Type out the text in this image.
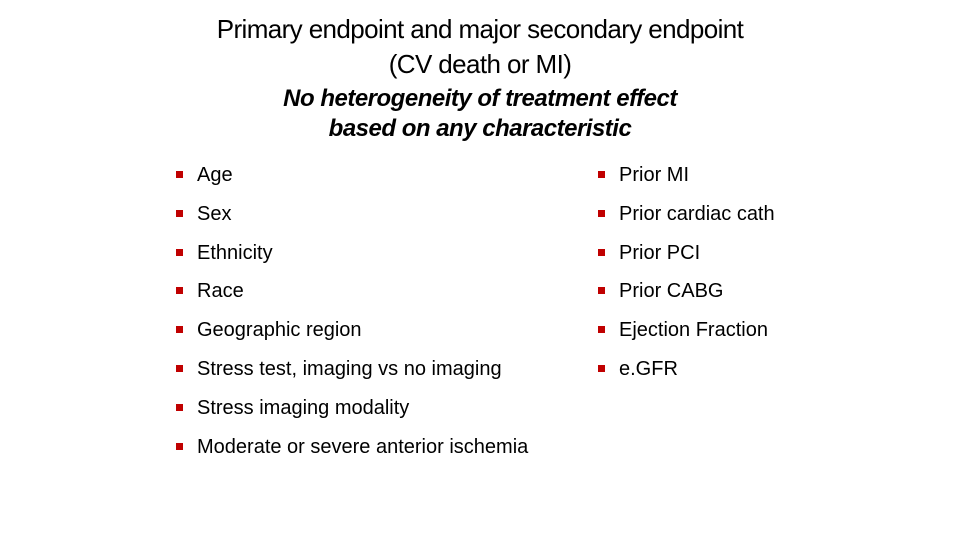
Primary endpoint and major secondary endpoint
(CV death or MI)
No heterogeneity of treatment effect
based on any characteristic
Age
Sex
Ethnicity
Race
Geographic region
Stress test, imaging vs no imaging
Stress imaging modality
Moderate or severe anterior ischemia
Prior MI
Prior cardiac cath
Prior PCI
Prior CABG
Ejection Fraction
e.GFR
